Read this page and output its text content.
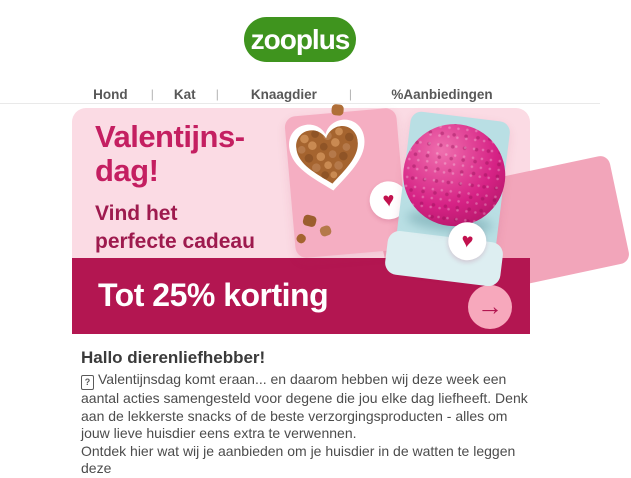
zooplus
Hond	|	Kat	|	Knaagdier	|	%Aanbiedingen
Valentijns-
dag!
Vind het
perfecte cadeau
♥
♥
Tot 25% korting	→
Hallo dierenliefhebber!

? Valentijnsdag komt eraan... en daarom hebben wij deze week een aantal acties samengesteld voor degene die jou elke dag liefheeft. Denk aan de lekkerste snacks of de beste verzorgingsproducten - alles om jouw lieve huisdier eens extra te verwennen.

Ontdek hier wat wij je aanbieden om je huisdier in de watten te leggen deze
